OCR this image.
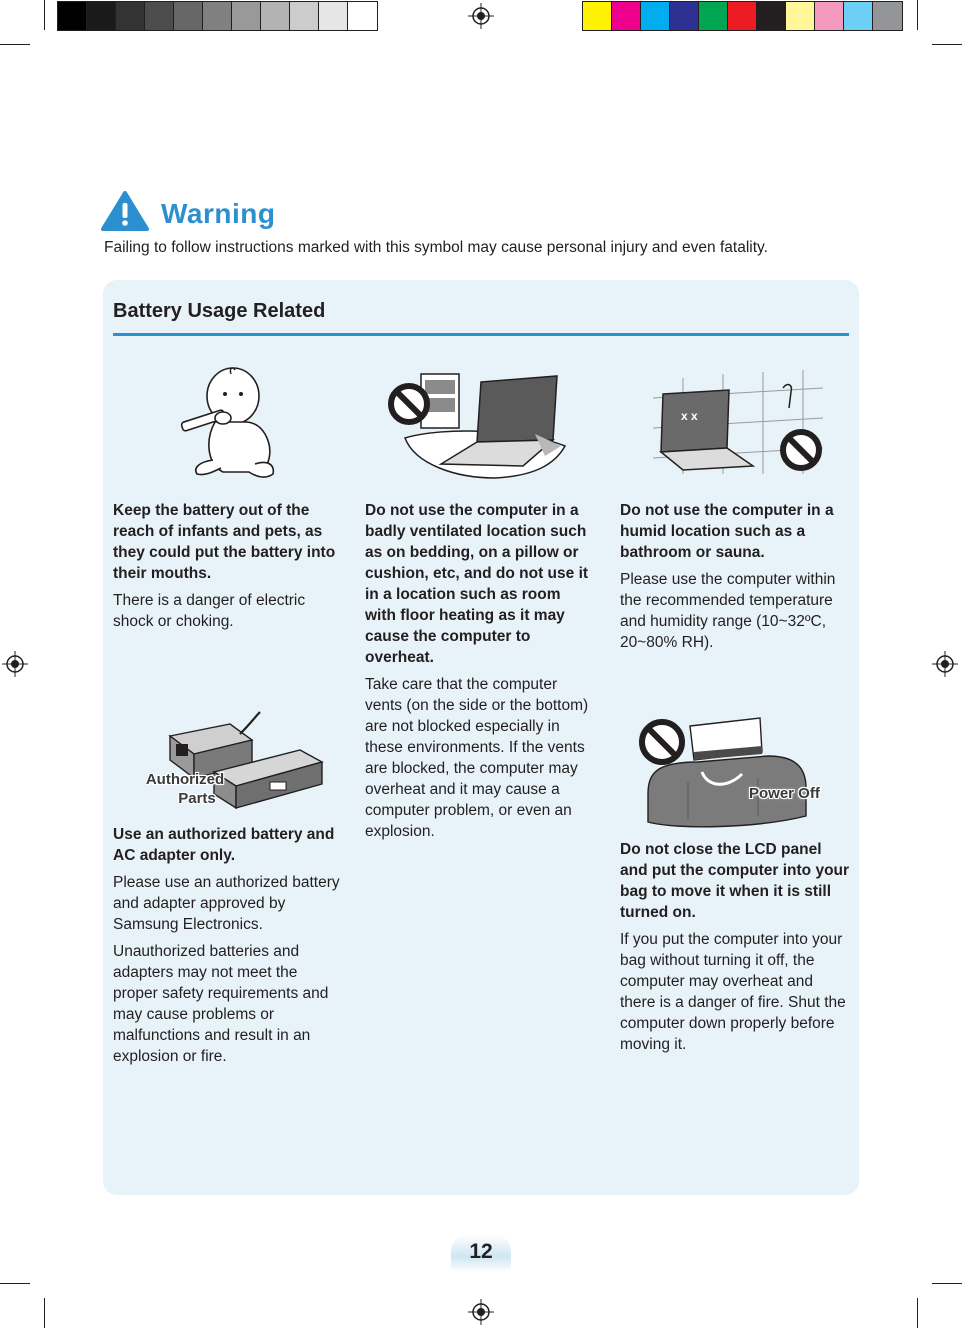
Warning
Failing to follow instructions marked with this symbol may cause personal injury and even fatality.
Battery Usage Related
x x

Keep the battery out of the reach of infants and pets, as they could put the battery into their mouths.

There is a danger of electric shock or choking.

Do not use the computer in a badly ventilated location such as on bedding, on a pillow or cushion, etc, and do not use it in a location such as room with floor heating as it may cause the computer to overheat.

Take care that the computer vents (on the side or the bottom) are not blocked especially in these environments. If the vents are blocked, the computer may overheat and it may cause a computer problem, or even an explosion.

Do not use the computer in a humid location such as a bathroom or sauna.

Please use the computer within the recommended temperature and humidity range (10~32ºC, 20~80% RH).

Authorized
Parts	Power Off

Use an authorized battery and AC adapter only.

Please use an authorized battery and adapter approved by Samsung Electronics.

Unauthorized batteries and adapters may not meet the proper safety requirements and may cause problems or malfunctions and result in an explosion or fire.

Do not close the LCD panel and put the computer into your bag to move it when it is still turned on.

If you put the computer into your bag without turning it off, the computer may overheat and there is a danger of fire. Shut the computer down properly before moving it.

12
